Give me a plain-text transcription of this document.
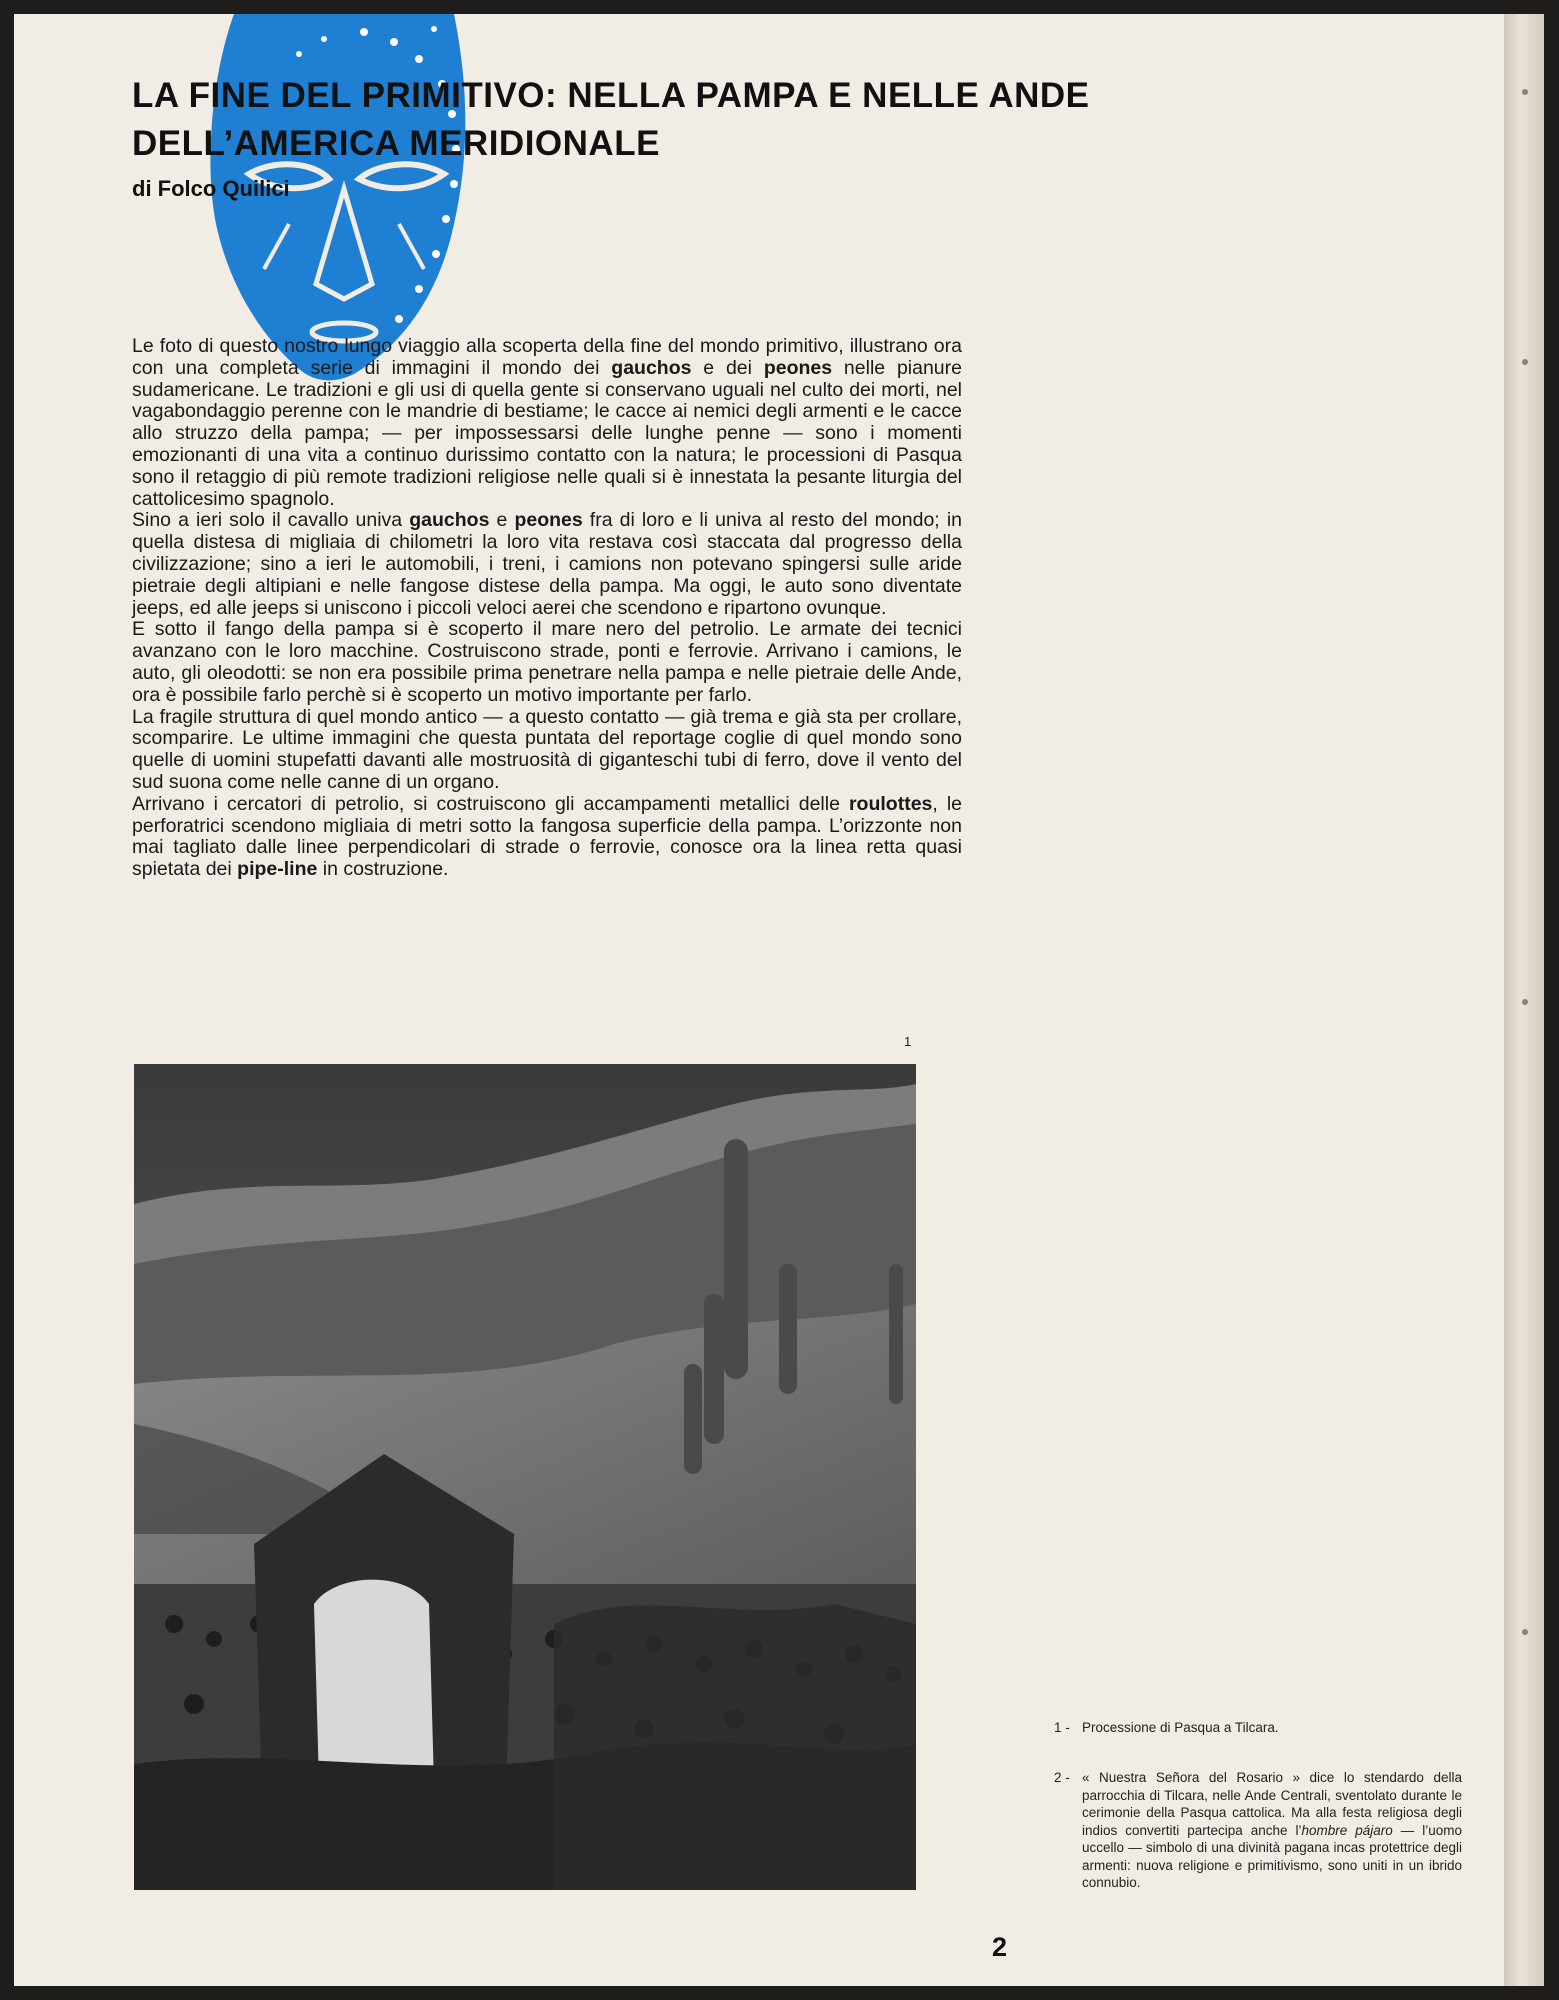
LA FINE DEL PRIMITIVO: NELLA PAMPA E NELLE ANDE
DELL’AMERICA MERIDIONALE

di Folco Quilici

Le foto di questo nostro lungo viaggio alla scoperta della fine del mondo primitivo, illustrano ora con una completa serie di immagini il mondo dei gauchos e dei peones nelle pianure sudamericane. Le tradizioni e gli usi di quella gente si conservano uguali nel culto dei morti, nel vagabondaggio perenne con le mandrie di bestiame; le cacce ai nemici degli armenti e le cacce allo struzzo della pampa; — per impossessarsi delle lunghe penne — sono i momenti emozionanti di una vita a continuo durissimo contatto con la natura; le processioni di Pasqua sono il retaggio di più remote tradizioni religiose nelle quali si è innestata la pesante liturgia del cattolicesimo spagnolo.

Sino a ieri solo il cavallo univa gauchos e peones fra di loro e li univa al resto del mondo; in quella distesa di migliaia di chilometri la loro vita restava così staccata dal progresso della civilizzazione; sino a ieri le automobili, i treni, i camions non potevano spingersi sulle aride pietraie degli altipiani e nelle fangose distese della pampa. Ma oggi, le auto sono diventate jeeps, ed alle jeeps si uniscono i piccoli veloci aerei che scendono e ripartono ovunque.

E sotto il fango della pampa si è scoperto il mare nero del petrolio. Le armate dei tecnici avanzano con le loro macchine. Costruiscono strade, ponti e ferrovie. Arrivano i camions, le auto, gli oleodotti: se non era possibile prima penetrare nella pampa e nelle pietraie delle Ande, ora è possibile farlo perchè si è scoperto un motivo importante per farlo.

La fragile struttura di quel mondo antico — a questo contatto — già trema e già sta per crollare, scomparire. Le ultime immagini che questa puntata del reportage coglie di quel mondo sono quelle di uomini stupefatti davanti alle mostruosità di giganteschi tubi di ferro, dove il vento del sud suona come nelle canne di un organo.

Arrivano i cercatori di petrolio, si costruiscono gli accampamenti metallici delle roulottes, le perforatrici scendono migliaia di metri sotto la fangosa superficie della pampa. L’orizzonte non mai tagliato dalle linee perpendicolari di strade o ferrovie, conosce ora la linea retta quasi spietata dei pipe-line in costruzione.

1
1 - Processione di Pasqua a Tilcara.
2 - « Nuestra Señora del Rosario » dice lo stendardo della parrocchia di Tilcara, nelle Ande Centrali, sventolato durante le cerimonie della Pasqua cattolica. Ma alla festa religiosa degli indios convertiti partecipa anche l’hombre pájaro — l’uomo uccello — simbolo di una divinità pagana incas protettrice degli armenti: nuova religione e primitivismo, sono uniti in un ibrido connubio.
2
